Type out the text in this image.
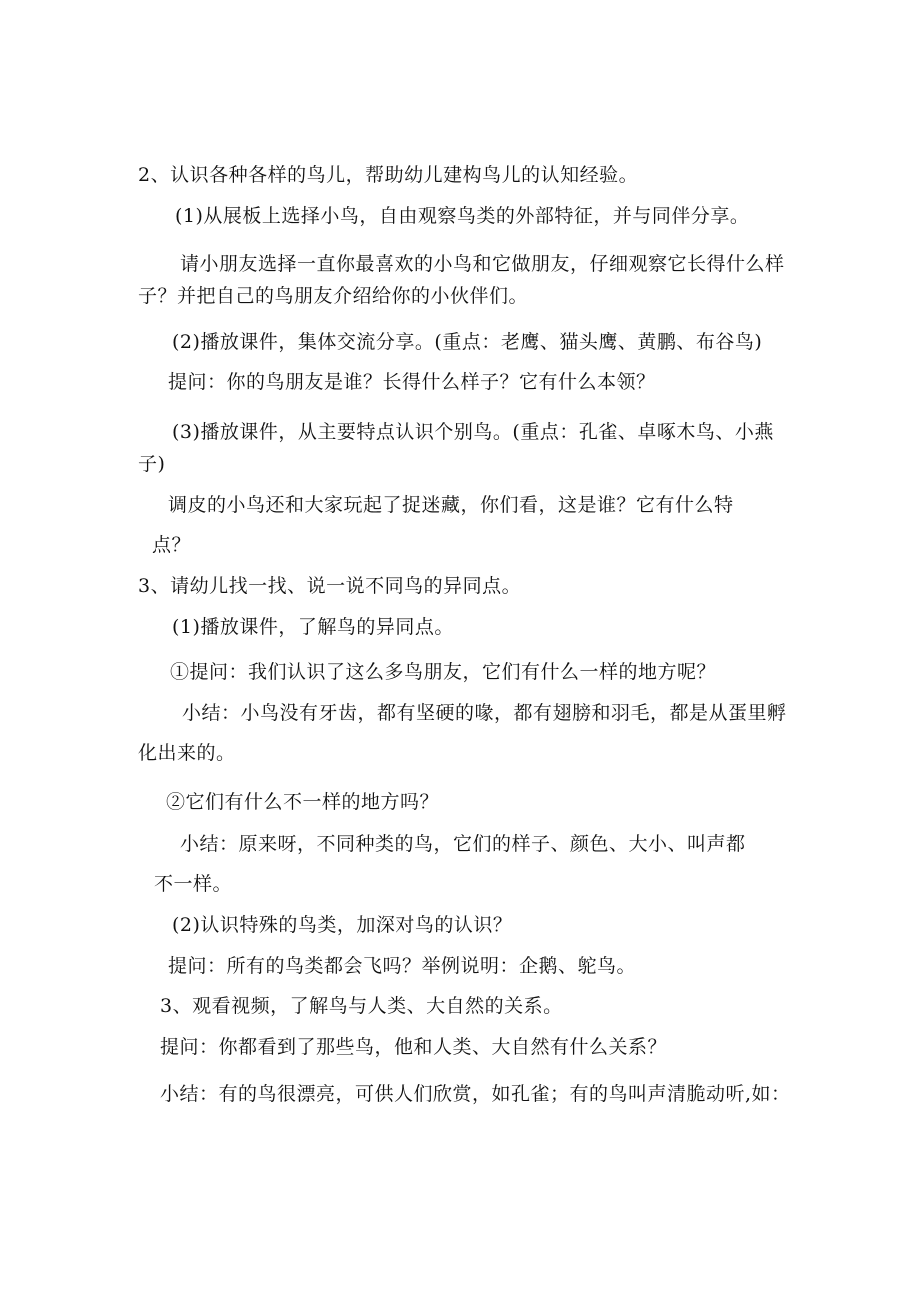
2、认识各种各样的鸟儿，帮助幼儿建构鸟儿的认知经验。
(1)从展板上选择小鸟，自由观察鸟类的外部特征，并与同伴分享。
请小朋友选择一直你最喜欢的小鸟和它做朋友，仔细观察它长得什么样
子？并把自己的鸟朋友介绍给你的小伙伴们。
(2)播放课件，集体交流分享。(重点：老鹰、猫头鹰、黄鹏、布谷鸟)
提问：你的鸟朋友是谁？长得什么样子？它有什么本领？
(3)播放课件，从主要特点认识个别鸟。(重点：孔雀、卓啄木鸟、小燕
子)
调皮的小鸟还和大家玩起了捉迷藏，你们看，这是谁？它有什么特
点？
3、请幼儿找一找、说一说不同鸟的异同点。
(1)播放课件，了解鸟的异同点。
①提问：我们认识了这么多鸟朋友，它们有什么一样的地方呢？
小结：小鸟没有牙齿，都有坚硬的喙，都有翅膀和羽毛，都是从蛋里孵
化出来的。
②它们有什么不一样的地方吗？
小结：原来呀，不同种类的鸟，它们的样子、颜色、大小、叫声都
不一样。
(2)认识特殊的鸟类，加深对鸟的认识？
提问：所有的鸟类都会飞吗？举例说明：企鹅、鸵鸟。
3、观看视频，了解鸟与人类、大自然的关系。
提问：你都看到了那些鸟，他和人类、大自然有什么关系？
小结：有的鸟很漂亮，可供人们欣赏，如孔雀；有的鸟叫声清脆动听,如：
